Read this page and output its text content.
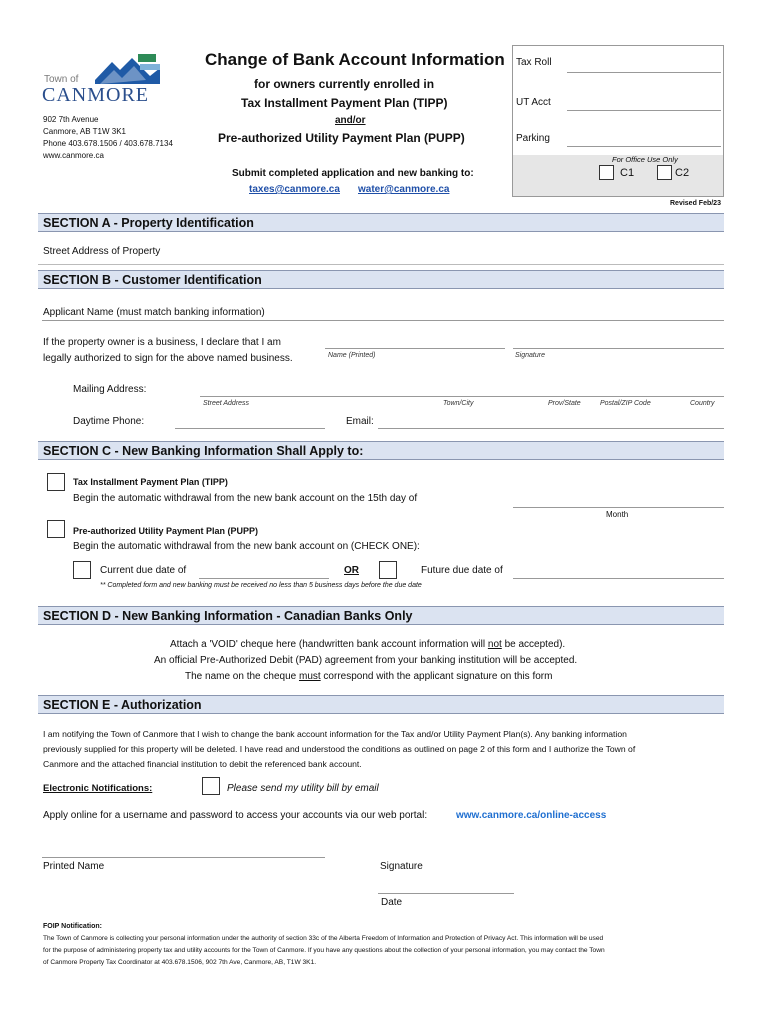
Town of
CANMORE
902 7th Avenue
Canmore, AB T1W 3K1
Phone 403.678.1506 / 403.678.7134
www.canmore.ca
Change of Bank Account Information
for owners currently enrolled in
Tax Installment Payment Plan (TIPP)
and/or
Pre-authorized Utility Payment Plan (PUPP)
Submit completed application and new banking to:
taxes@canmore.ca water@canmore.ca
Tax Roll
UT Acct
Parking
For Office Use Only
C1	C2
Revised Feb/23
SECTION A - Property Identification
Street Address of Property
SECTION B - Customer Identification
Applicant Name (must match banking information)
If the property owner is a business, I declare that I am
legally authorized to sign for the above named business.	Name (Printed)	Signature
Mailing Address:
Street Address	Town/City	Prov/State	Postal/ZIP Code	Country
Daytime Phone:	Email:
SECTION C - New Banking Information Shall Apply to:
Tax Installment Payment Plan (TIPP)
Begin the automatic withdrawal from the new bank account on the 15th day of
Month
Pre-authorized Utility Payment Plan (PUPP)
Begin the automatic withdrawal from the new bank account on (CHECK ONE):
Current due date of	OR	Future due date of
** Completed form and new banking must be received no less than 5 business days before the due date
SECTION D - New Banking Information - Canadian Banks Only
Attach a 'VOID' cheque here (handwritten bank account information will not be accepted).
An official Pre-Authorized Debit (PAD) agreement from your banking institution will be accepted.
The name on the cheque must correspond with the applicant signature on this form
SECTION E - Authorization
I am notifying the Town of Canmore that I wish to change the bank account information for the Tax and/or Utility Payment Plan(s). Any banking information
previously supplied for this property will be deleted. I have read and understood the conditions as outlined on page 2 of this form and I authorize the Town of
Canmore and the attached financial institution to debit the referenced bank account.
Electronic Notifications:	Please send my utility bill by email
Apply online for a username and password to access your accounts via our web portal:	www.canmore.ca/online-access
Printed Name	Signature
Date
FOIP Notification:
The Town of Canmore is collecting your personal information under the authority of section 33c of the Alberta Freedom of Information and Protection of Privacy Act. This information will be used
for the purpose of administering property tax and utility accounts for the Town of Canmore. If you have any questions about the collection of your personal information, you may contact the Town
of Canmore Property Tax Coordinator at 403.678.1506, 902 7th Ave, Canmore, AB, T1W 3K1.
